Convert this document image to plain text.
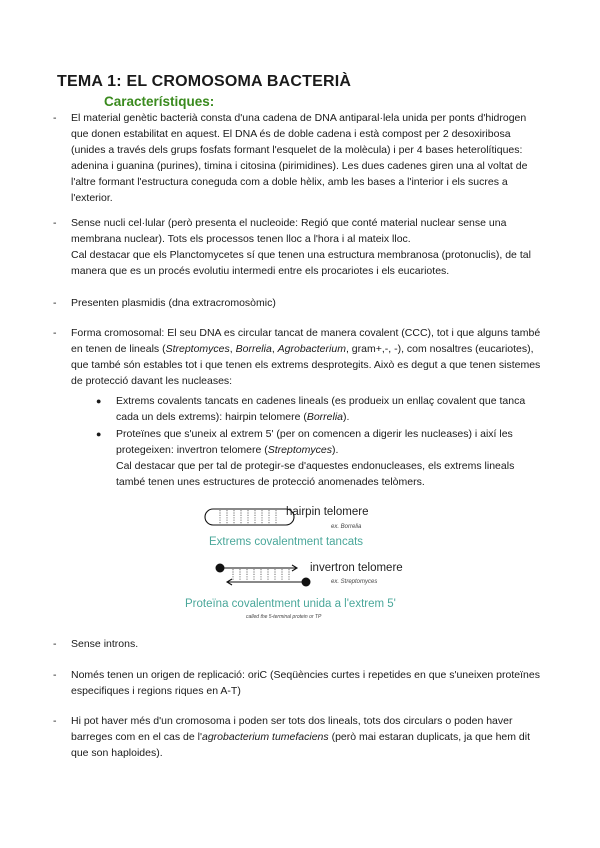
TEMA 1: EL CROMOSOMA BACTERIÀ
Característiques:
- El material genètic bacterià consta d'una cadena de DNA antiparal·lela unida per ponts d'hidrogen que donen estabilitat en aquest. El DNA és de doble cadena i està compost per 2 desoxiribosa (unides a través dels grups fosfats formant l'esquelet de la molècula) i per 4 bases heterolítiques: adenina i guanina (purines), timina i citosina (pirimidines). Les dues cadenes giren una al voltat de l'altre formant l'estructura coneguda com a doble hèlix, amb les bases a l'interior i els sucres a l'exterior.

- Sense nucli cel·lular (però presenta el nucleoide: Regió que conté material nuclear sense una membrana nuclear). Tots els processos tenen lloc a l'hora i al mateix lloc.

Cal destacar que els Planctomycetes sí que tenen una estructura membranosa (protonuclis), de tal manera que es un procés evolutiu intermedi entre els procariotes i els eucariotes.

- Presenten plasmidis (dna extracromosòmic)

- Forma cromosomal: El seu DNA es circular tancat de manera covalent (CCC), tot i que alguns també en tenen de lineals (Streptomyces, Borrelia, Agrobacterium, gram+,-, -), com nosaltres (eucariotes), que també són estables tot i que tenen els extrems desprotegits. Això es degut a que tenen sistemes de protecció davant les nucleases:

● Extrems covalents tancats en cadenes lineals (es produeix un enllaç covalent que tanca cada un dels extrems): hairpin telomere (Borrelia).

● Proteïnes que s'uneix al extrem 5' (per on comencen a digerir les nucleases) i així les protegeixen: invertron telomere (Streptomyces).

Cal destacar que per tal de protegir-se d'aquestes endonucleases, els extrems lineals també tenen unes estructures de protecció anomenades telòmers.

hairpin telomere
ex. Borrelia
Extrems covalentment tancats
invertron telomere
ex. Streptomyces
Proteïna covalentment unida a l'extrem 5'
called the 5-terminal protein or TP
- Sense introns.

- Només tenen un origen de replicació: oriC (Seqüències curtes i repetides en que s'uneixen proteïnes especifiques i regions riques en A-T)

- Hi pot haver més d'un cromosoma i poden ser tots dos lineals, tots dos circulars o poden haver barreges com en el cas de l'agrobacterium tumefaciens (però mai estaran duplicats, ja que hem dit que son haploides).
